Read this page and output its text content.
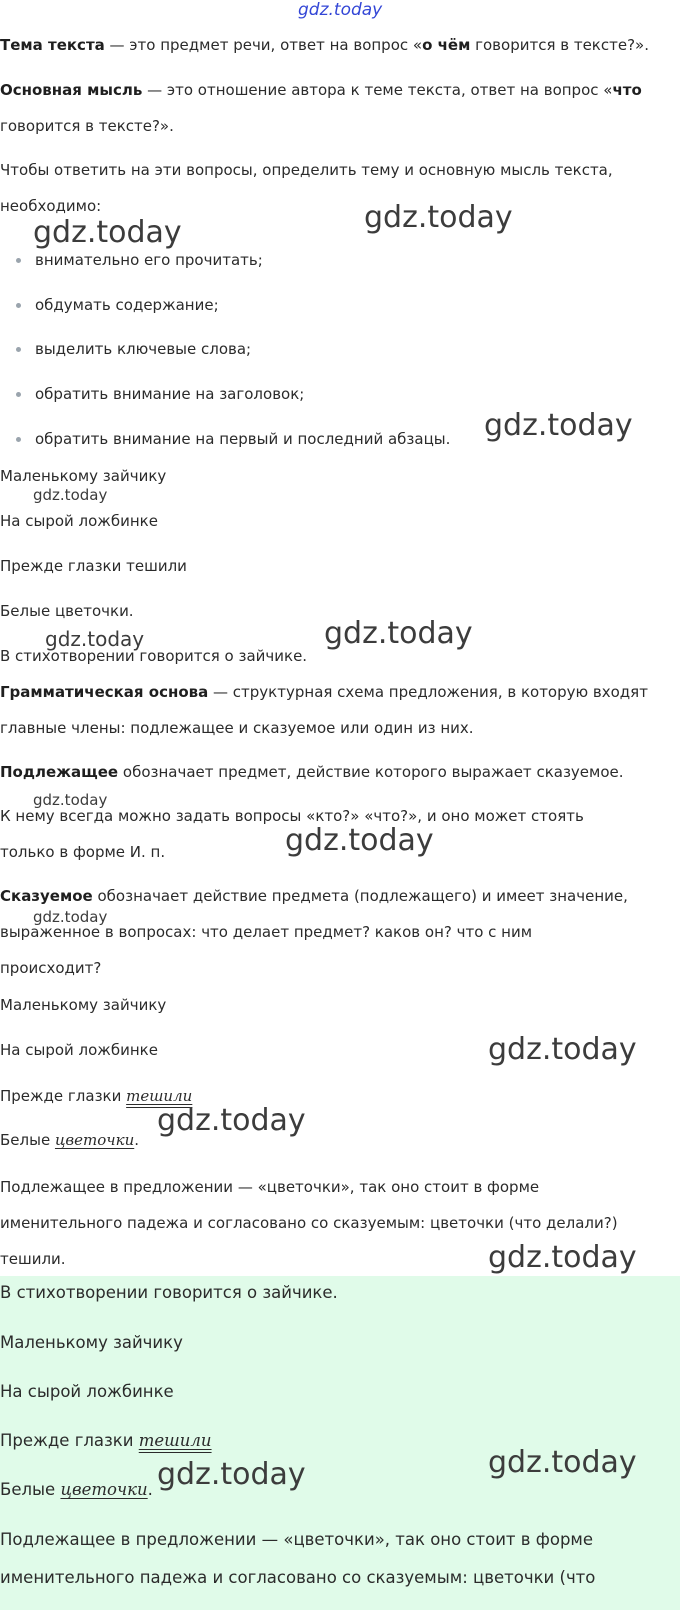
gdz.today
Тема текста — это предмет речи, ответ на вопрос «о чём говорится в тексте?».
Основная мысль — это отношение автора к теме текста, ответ на вопрос «что
говорится в тексте?».
Чтобы ответить на эти вопросы, определить тему и основную мысль текста,
необходимо:
внимательно его прочитать;
обдумать содержание;
выделить ключевые слова;
обратить внимание на заголовок;
обратить внимание на первый и последний абзацы.
Маленькому зайчику
На сырой ложбинке
Прежде глазки тешили
Белые цветочки.
В стихотворении говорится о зайчике.
Грамматическая основа — структурная схема предложения, в которую входят
главные члены: подлежащее и сказуемое или один из них.
Подлежащее обозначает предмет, действие которого выражает сказуемое.
К нему всегда можно задать вопросы «кто?» «что?», и оно может стоять
только в форме И. п.
Сказуемое обозначает действие предмета (подлежащего) и имеет значение,
выраженное в вопросах: что делает предмет? каков он? что с ним
происходит?
Маленькому зайчику
На сырой ложбинке
Прежде глазки тешили
Белые цветочки.
Подлежащее в предложении — «цветочки», так оно стоит в форме
именительного падежа и согласовано со сказуемым: цветочки (что делали?)
тешили.
В стихотворении говорится о зайчике.
Маленькому зайчику
На сырой ложбинке
Прежде глазки тешили
Белые цветочки.
Подлежащее в предложении — «цветочки», так оно стоит в форме
именительного падежа и согласовано со сказуемым: цветочки (что
gdz.today	gdz.today
gdz.today
gdz.today
gdz.today	gdz.today
gdz.today
gdz.today
gdz.today
gdz.today
gdz.today
gdz.today
gdz.today
gdz.today
